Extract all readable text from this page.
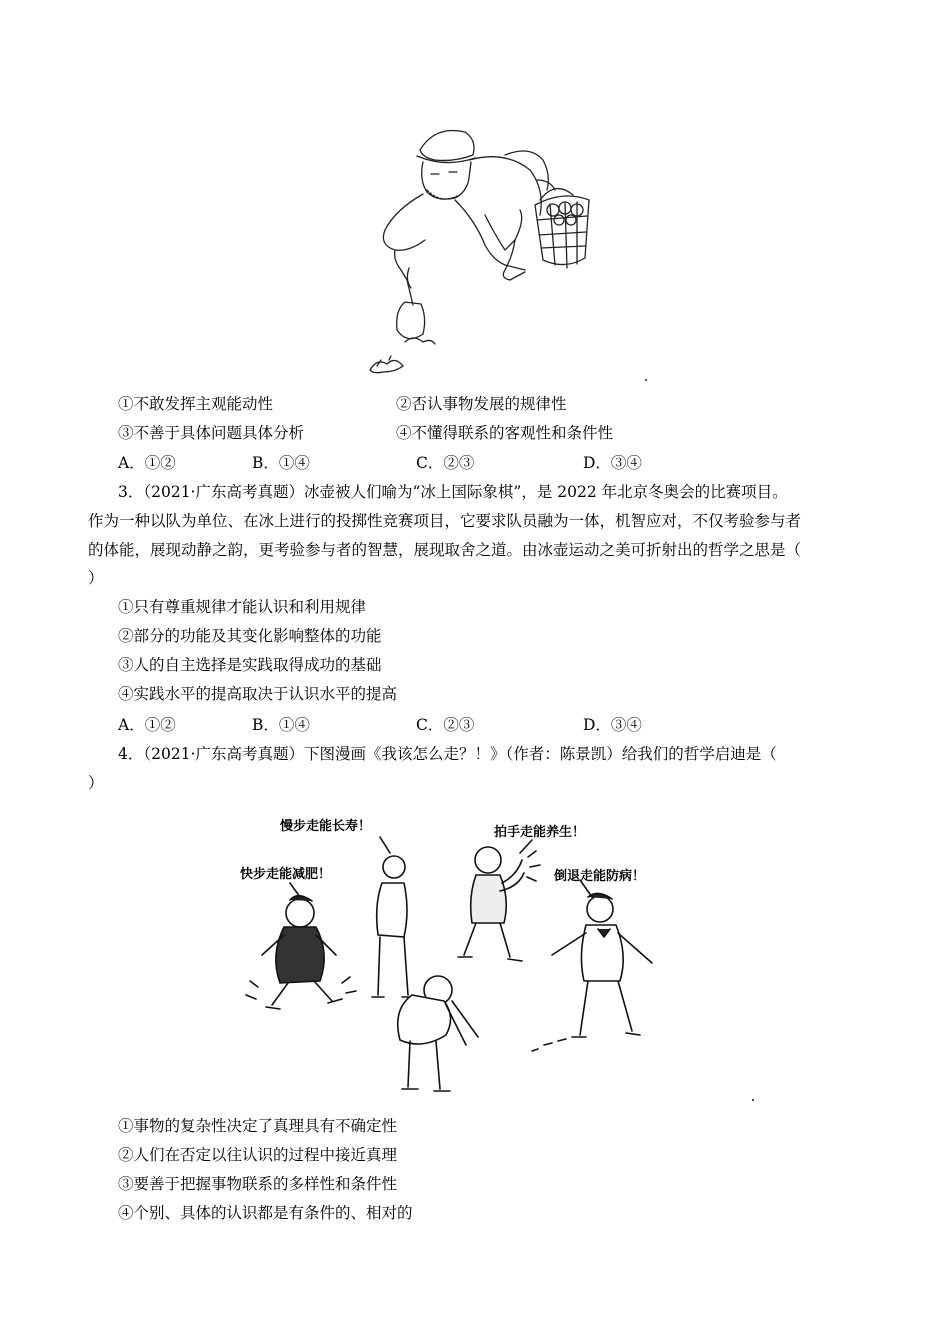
①不敢发挥主观能动性	②否认事物发展的规律性
③不善于具体问题具体分析	④不懂得联系的客观性和条件性
A．①②	B．①④	C．②③	D．③④
3．（2021·广东高考真题）冰壶被人们喻为“冰上国际象棋”，是 2022 年北京冬奥会的比赛项目。
作为一种以队为单位、在冰上进行的投掷性竞赛项目，它要求队员融为一体，机智应对，不仅考验参与者
的体能，展现动静之韵，更考验参与者的智慧，展现取舍之道。由冰壶运动之美可折射出的哲学之思是（
）
①只有尊重规律才能认识和利用规律
②部分的功能及其变化影响整体的功能
③人的自主选择是实践取得成功的基础
④实践水平的提高取决于认识水平的提高
A．①②	B．①④	C．②③	D．③④
4．（2021·广东高考真题）下图漫画《我该怎么走？！》（作者：陈景凯）给我们的哲学启迪是（
）
慢步走能长寿！	拍手走能养生！
快步走能减肥！	倒退走能防病！
①事物的复杂性决定了真理具有不确定性
②人们在否定以往认识的过程中接近真理
③要善于把握事物联系的多样性和条件性
④个别、具体的认识都是有条件的、相对的
